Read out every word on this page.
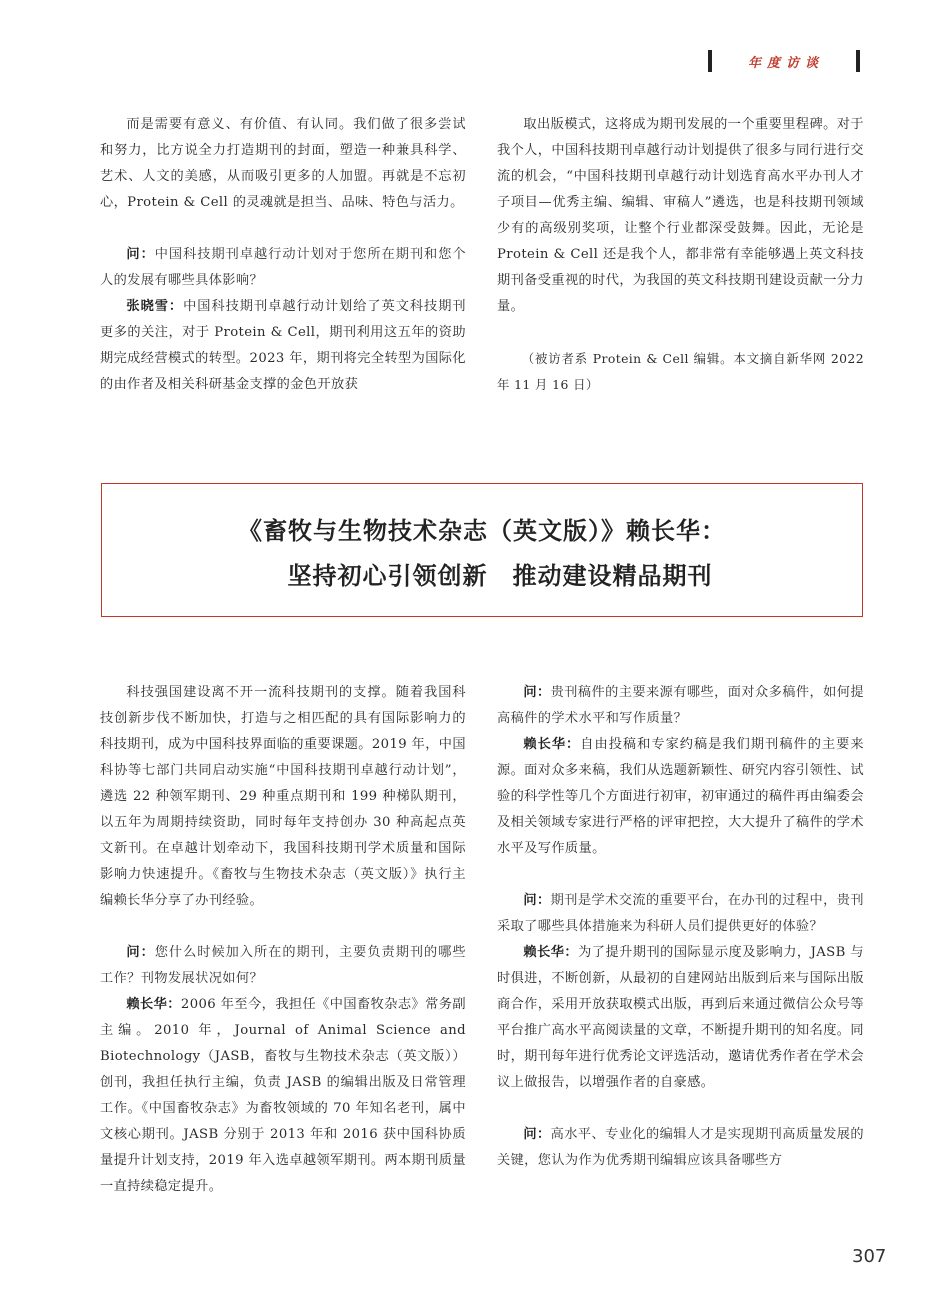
年度访谈

而是需要有意义、有价值、有认同。我们做了很多尝试和努力，比方说全力打造期刊的封面，塑造一种兼具科学、艺术、人文的美感，从而吸引更多的人加盟。再就是不忘初心，Protein & Cell 的灵魂就是担当、品味、特色与活力。

问：中国科技期刊卓越行动计划对于您所在期刊和您个人的发展有哪些具体影响？

张晓雪：中国科技期刊卓越行动计划给了英文科技期刊更多的关注，对于 Protein & Cell，期刊利用这五年的资助期完成经营模式的转型。2023 年，期刊将完全转型为国际化的由作者及相关科研基金支撑的金色开放获

取出版模式，这将成为期刊发展的一个重要里程碑。对于我个人，中国科技期刊卓越行动计划提供了很多与同行进行交流的机会，“中国科技期刊卓越行动计划选育高水平办刊人才子项目—优秀主编、编辑、审稿人”遴选，也是科技期刊领域少有的高级别奖项，让整个行业都深受鼓舞。因此，无论是 Protein & Cell 还是我个人，都非常有幸能够遇上英文科技期刊备受重视的时代，为我国的英文科技期刊建设贡献一分力量。

（被访者系 Protein & Cell 编辑。本文摘自新华网 2022 年 11 月 16 日）

《畜牧与生物技术杂志（英文版）》赖长华：
坚持初心引领创新　推动建设精品期刊

科技强国建设离不开一流科技期刊的支撑。随着我国科技创新步伐不断加快，打造与之相匹配的具有国际影响力的科技期刊，成为中国科技界面临的重要课题。2019 年，中国科协等七部门共同启动实施“中国科技期刊卓越行动计划”，遴选 22 种领军期刊、29 种重点期刊和 199 种梯队期刊，以五年为周期持续资助，同时每年支持创办 30 种高起点英文新刊。在卓越计划牵动下，我国科技期刊学术质量和国际影响力快速提升。《畜牧与生物技术杂志（英文版）》执行主编赖长华分享了办刊经验。

问：您什么时候加入所在的期刊，主要负责期刊的哪些工作？刊物发展状况如何？

赖长华：2006 年至今，我担任《中国畜牧杂志》常务副主编。2010 年，Journal of Animal Science and Biotechnology（JASB，畜牧与生物技术杂志（英文版））创刊，我担任执行主编，负责 JASB 的编辑出版及日常管理工作。《中国畜牧杂志》为畜牧领域的 70 年知名老刊，属中文核心期刊。JASB 分别于 2013 年和 2016 获中国科协质量提升计划支持，2019 年入选卓越领军期刊。两本期刊质量一直持续稳定提升。

问：贵刊稿件的主要来源有哪些，面对众多稿件，如何提高稿件的学术水平和写作质量？

赖长华：自由投稿和专家约稿是我们期刊稿件的主要来源。面对众多来稿，我们从选题新颖性、研究内容引领性、试验的科学性等几个方面进行初审，初审通过的稿件再由编委会及相关领域专家进行严格的评审把控，大大提升了稿件的学术水平及写作质量。

问：期刊是学术交流的重要平台，在办刊的过程中，贵刊采取了哪些具体措施来为科研人员们提供更好的体验？

赖长华：为了提升期刊的国际显示度及影响力，JASB 与时俱进，不断创新，从最初的自建网站出版到后来与国际出版商合作，采用开放获取模式出版，再到后来通过微信公众号等平台推广高水平高阅读量的文章，不断提升期刊的知名度。同时，期刊每年进行优秀论文评选活动，邀请优秀作者在学术会议上做报告，以增强作者的自豪感。

问：高水平、专业化的编辑人才是实现期刊高质量发展的关键，您认为作为优秀期刊编辑应该具备哪些方

307
